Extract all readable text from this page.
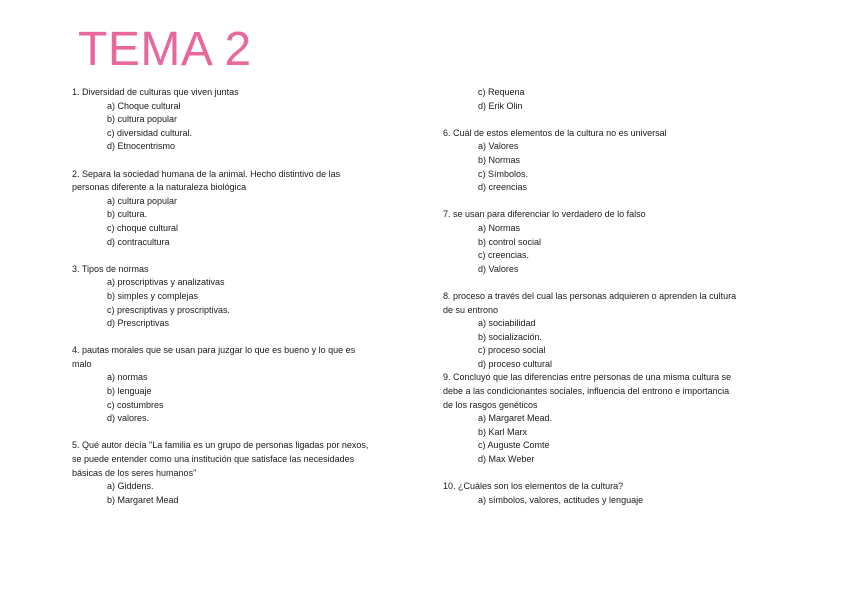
TEMA 2
1. Diversidad de culturas que viven juntas
a) Choque cultural
b) cultura popular
c) diversidad cultural.
d) Etnocentrismo
2. Separa la sociedad humana de la animal. Hecho distintivo de las
personas diferente a la naturaleza biológica
a) cultura popular
b) cultura.
c) choque cultural
d) contracultura
3. Tipos de normas
a) proscriptivas y analizativas
b) simples y complejas
c) prescriptivas y proscriptivas.
d) Prescriptivas
4. pautas morales que se usan para juzgar lo que es bueno y lo que es
malo
a) normas
b) lenguaje
c) costumbres
d) valores.
5. Qué autor decía "La familia es un grupo de personas ligadas por nexos,
se puede entender como una institución que satisface las necesidades
básicas de los seres humanos"
a) Giddens.
b) Margaret Mead
c) Requena
d) Erik Olin
6. Cuál de estos elementos de la cultura no es universal
a) Valores
b) Normas
c) Símbolos.
d) creencias
7. se usan para diferenciar lo verdadero de lo falso
a) Normas
b) control social
c) creencias.
d) Valores
8. proceso a través del cual las personas adquieren o aprenden la cultura
de su entrono
a) sociabilidad
b) socialización.
c) proceso social
d) proceso cultural
9. Concluyó que las diferencias entre personas de una misma cultura se
debe a las condicionantes sociales, influencia del entrono e importancia
de los rasgos genéticos
a) Margaret Mead.
b) Karl Marx
c) Auguste Comte
d) Max Weber
10. ¿Cuáles son los elementos de la cultura?
a) símbolos, valores, actitudes y lenguaje
